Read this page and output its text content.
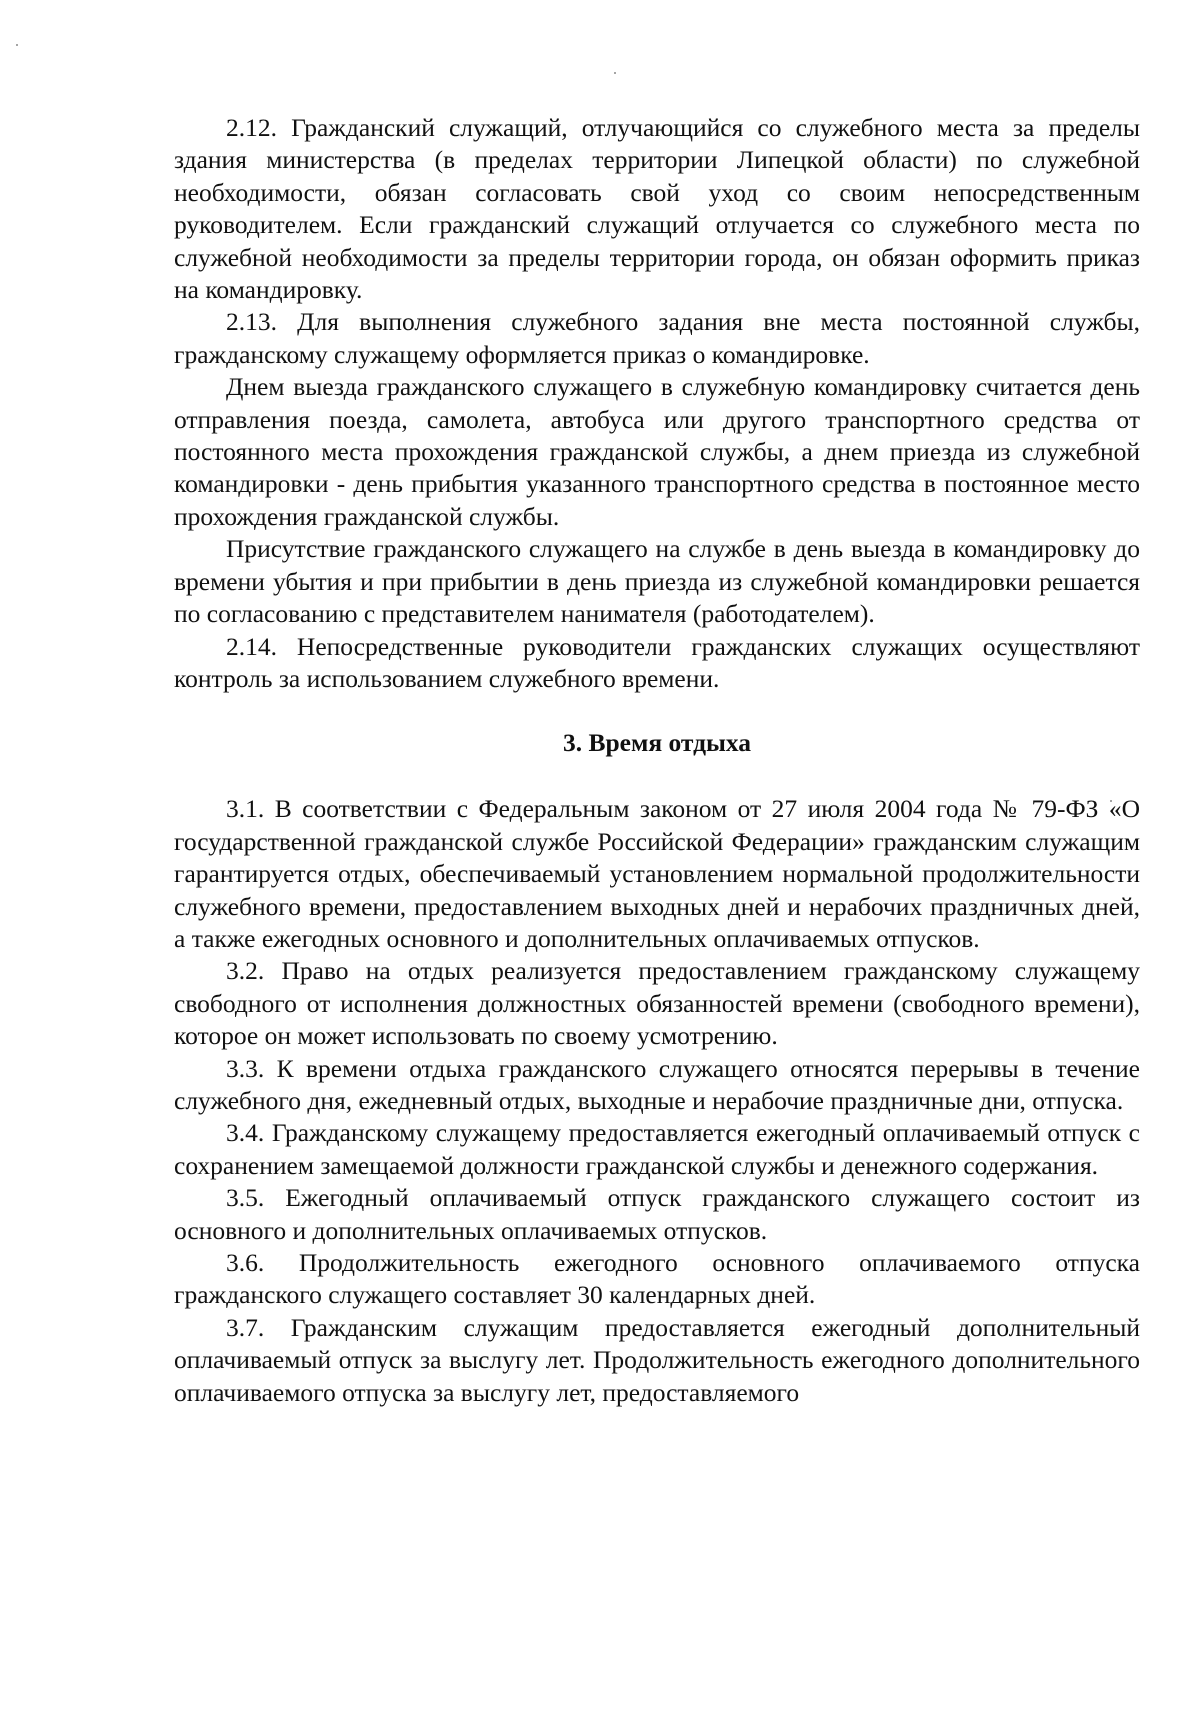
2.12. Гражданский служащий, отлучающийся со служебного места за пределы здания министерства (в пределах территории Липецкой области) по служебной необходимости, обязан согласовать свой уход со своим непосредственным руководителем. Если гражданский служащий отлучается со служебного места по служебной необходимости за пределы территории города, он обязан оформить приказ на командировку.

2.13. Для выполнения служебного задания вне места постоянной службы, гражданскому служащему оформляется приказ о командировке.

Днем выезда гражданского служащего в служебную командировку считается день отправления поезда, самолета, автобуса или другого транспортного средства от постоянного места прохождения гражданской службы, а днем приезда из служебной командировки - день прибытия указанного транспортного средства в постоянное место прохождения гражданской службы.

Присутствие гражданского служащего на службе в день выезда в командировку до времени убытия и при прибытии в день приезда из служебной командировки решается по согласованию с представителем нанимателя (работодателем).

2.14. Непосредственные руководители гражданских служащих осуществляют контроль за использованием служебного времени.

3. Время отдыха

3.1. В соответствии с Федеральным законом от 27 июля 2004 года № 79-ФЗ «О государственной гражданской службе Российской Федерации» гражданским служащим гарантируется отдых, обеспечиваемый установлением нормальной продолжительности служебного времени, предоставлением выходных дней и нерабочих праздничных дней, а также ежегодных основного и дополнительных оплачиваемых отпусков.

3.2. Право на отдых реализуется предоставлением гражданскому служащему свободного от исполнения должностных обязанностей времени (свободного времени), которое он может использовать по своему усмотрению.

3.3. К времени отдыха гражданского служащего относятся перерывы в течение служебного дня, ежедневный отдых, выходные и нерабочие праздничные дни, отпуска.

3.4. Гражданскому служащему предоставляется ежегодный оплачиваемый отпуск с сохранением замещаемой должности гражданской службы и денежного содержания.

3.5. Ежегодный оплачиваемый отпуск гражданского служащего состоит из основного и дополнительных оплачиваемых отпусков.

3.6. Продолжительность ежегодного основного оплачиваемого отпуска гражданского служащего составляет 30 календарных дней.

3.7. Гражданским служащим предоставляется ежегодный дополнительный оплачиваемый отпуск за выслугу лет. Продолжительность ежегодного дополнительного оплачиваемого отпуска за выслугу лет, предоставляемого
